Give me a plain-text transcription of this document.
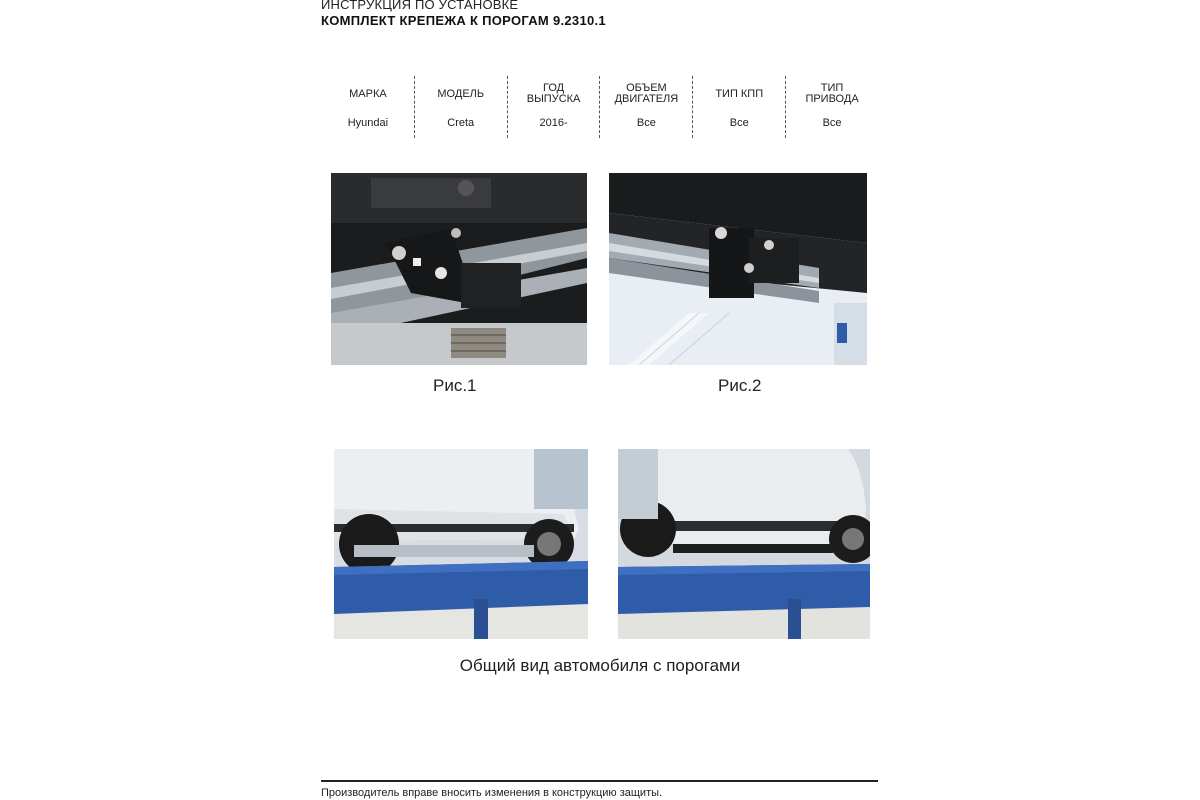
ИНСТРУКЦИЯ ПО УСТАНОВКЕ
КОМПЛЕКТ КРЕПЕЖА К ПОРОГАМ 9.2310.1
МАРКА
Hyundai
МОДЕЛЬ
Creta
ГОД
ВЫПУСКА
2016-
ОБЪЕМ
ДВИГАТЕЛЯ
Все
ТИП КПП
Все
ТИП
ПРИВОДА
Все
Рис.1	Рис.2
Общий вид автомобиля с порогами
Производитель вправе вносить изменения в конструкцию защиты.
